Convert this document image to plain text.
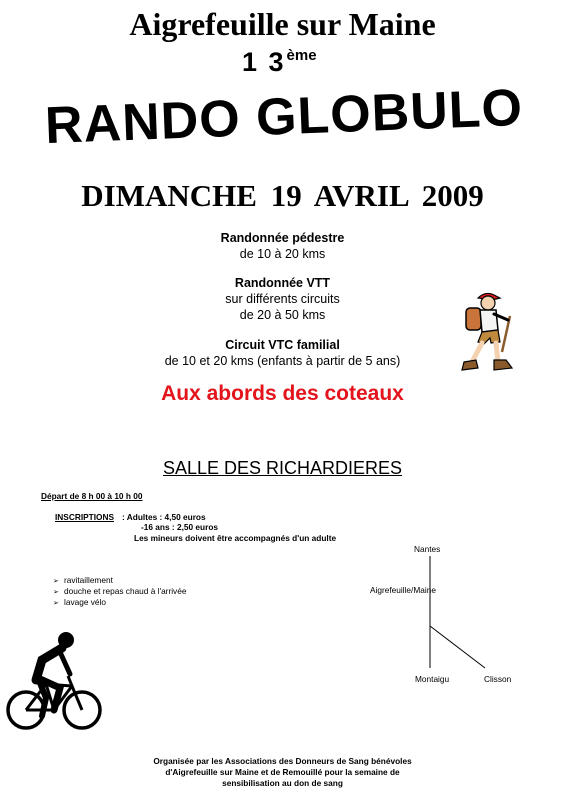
Aigrefeuille sur Maine
1 3ème
RANDO GLOBULO
DIMANCHE 19 AVRIL 2009
Randonnée pédestre
de 10 à 20 kms
Randonnée VTT
sur différents circuits
de 20 à 50 kms
Circuit VTC familial
de 10 et 20 kms (enfants à partir de 5 ans)
Aux abords des coteaux
SALLE DES RICHARDIERES
Départ de 8 h 00 à 10 h 00
INSCRIPTIONS : Adultes : 4,50 euros
-16 ans : 2,50 euros
Les mineurs doivent être accompagnés d'un adulte
➢ ravitaillement
➢ douche et repas chaud à l'arrivée
➢ lavage vélo
Nantes
Aigrefeuille/Maine
Montaigu	Clisson
Organisée par les Associations des Donneurs de Sang bénévoles
d'Aigrefeuille sur Maine et de Remouillé pour la semaine de
sensibilisation au don de sang
